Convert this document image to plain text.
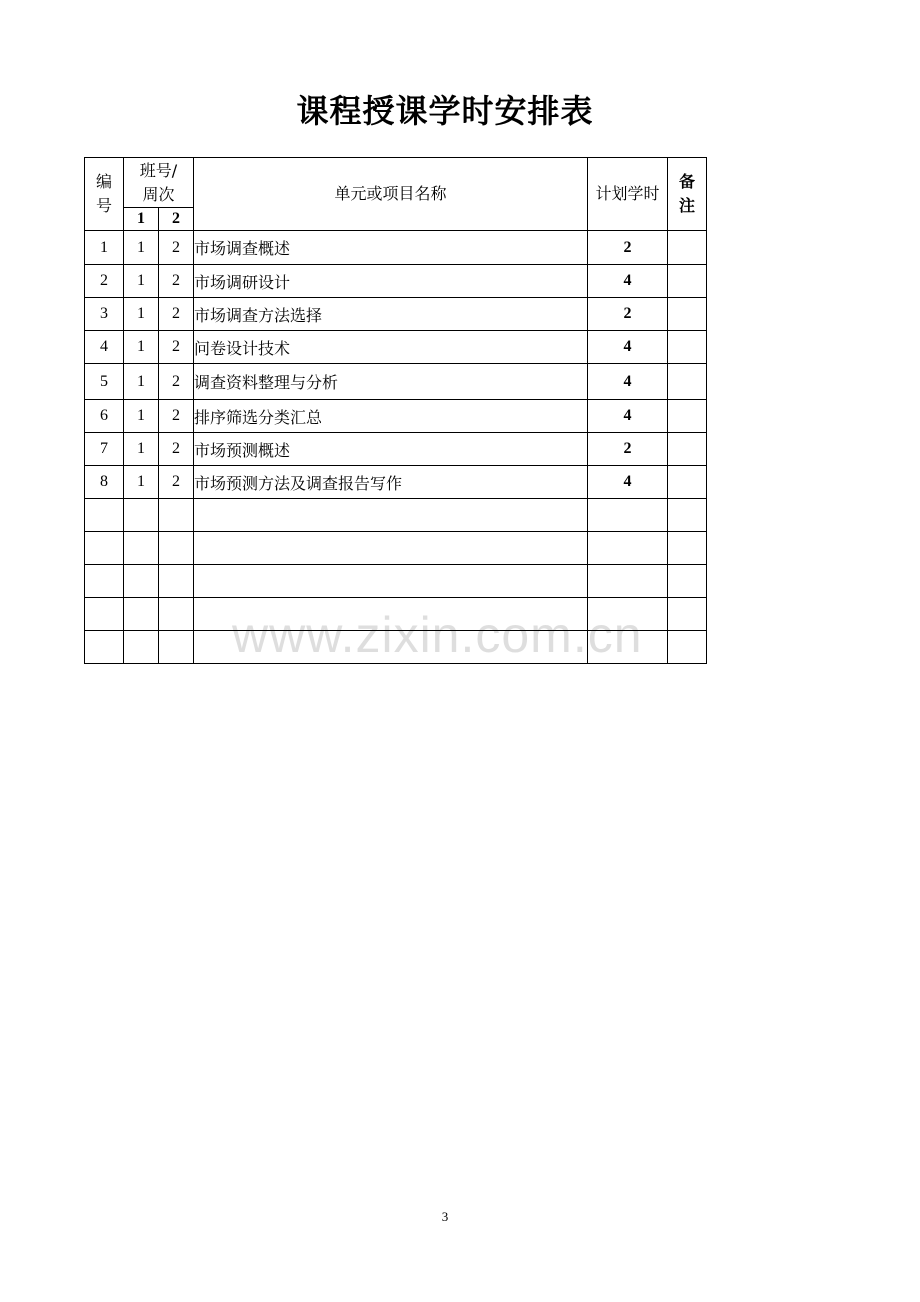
课程授课学时安排表
编号	班号/周次		单元或项目名称	计划学时	备注

	1	2			
1	1	2	市场调查概述	2	
2	1	2	市场调研设计	4	
3	1	2	市场调查方法选择	2	
4	1	2	问卷设计技术	4	
5	1	2	调查资料整理与分析	4	
6	1	2	排序筛选分类汇总	4	
7	1	2	市场预测概述	2	
8	1	2	市场预测方法及调查报告写作	4	

www.zixin.com.cn
3
